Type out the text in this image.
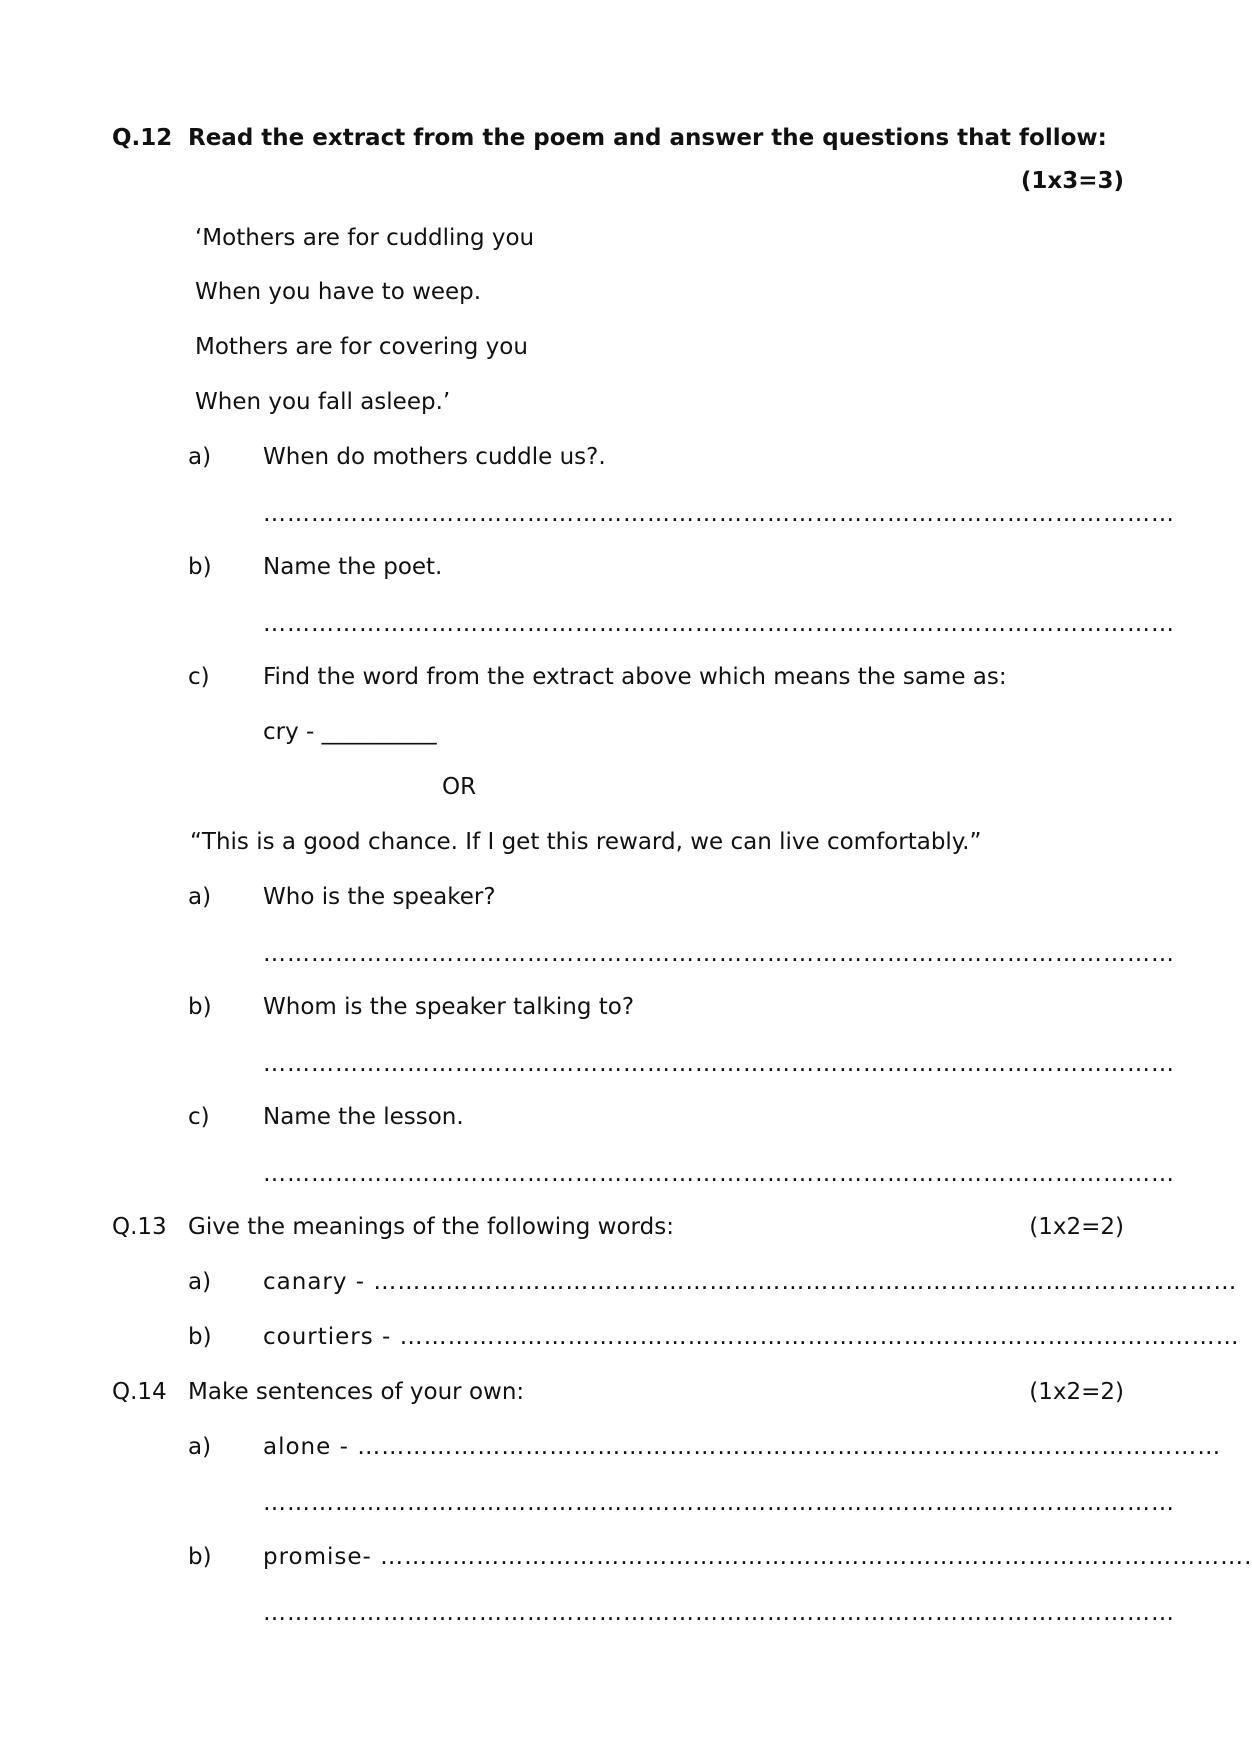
Q.12 Read the extract from the poem and answer the questions that follow:
(1x3=3)
‘Mothers are for cuddling you
When you have to weep.
Mothers are for covering you
When you fall asleep.’
a) When do mothers cuddle us?.
……………………………………………………………………………………………………
b) Name the poet.
……………………………………………………………………………………………………
c) Find the word from the extract above which means the same as:
cry - __________
OR
“This is a good chance. If I get this reward, we can live comfortably.”
a) Who is the speaker?
……………………………………………………………………………………………………
b) Whom is the speaker talking to?
……………………………………………………………………………………………………
c) Name the lesson.
……………………………………………………………………………………………………
Q.13 Give the meanings of the following words:	(1x2=2)
a) canary - ………………………………………………………………………………………………
b) courtiers - ……………………………………………………………………………………………
Q.14 Make sentences of your own:	(1x2=2)
a) alone - ………………………………………………………………………………………………
……………………………………………………………………………………………………
b) promise- ……………………………………………………………………………………………….
……………………………………………………………………………………………………
